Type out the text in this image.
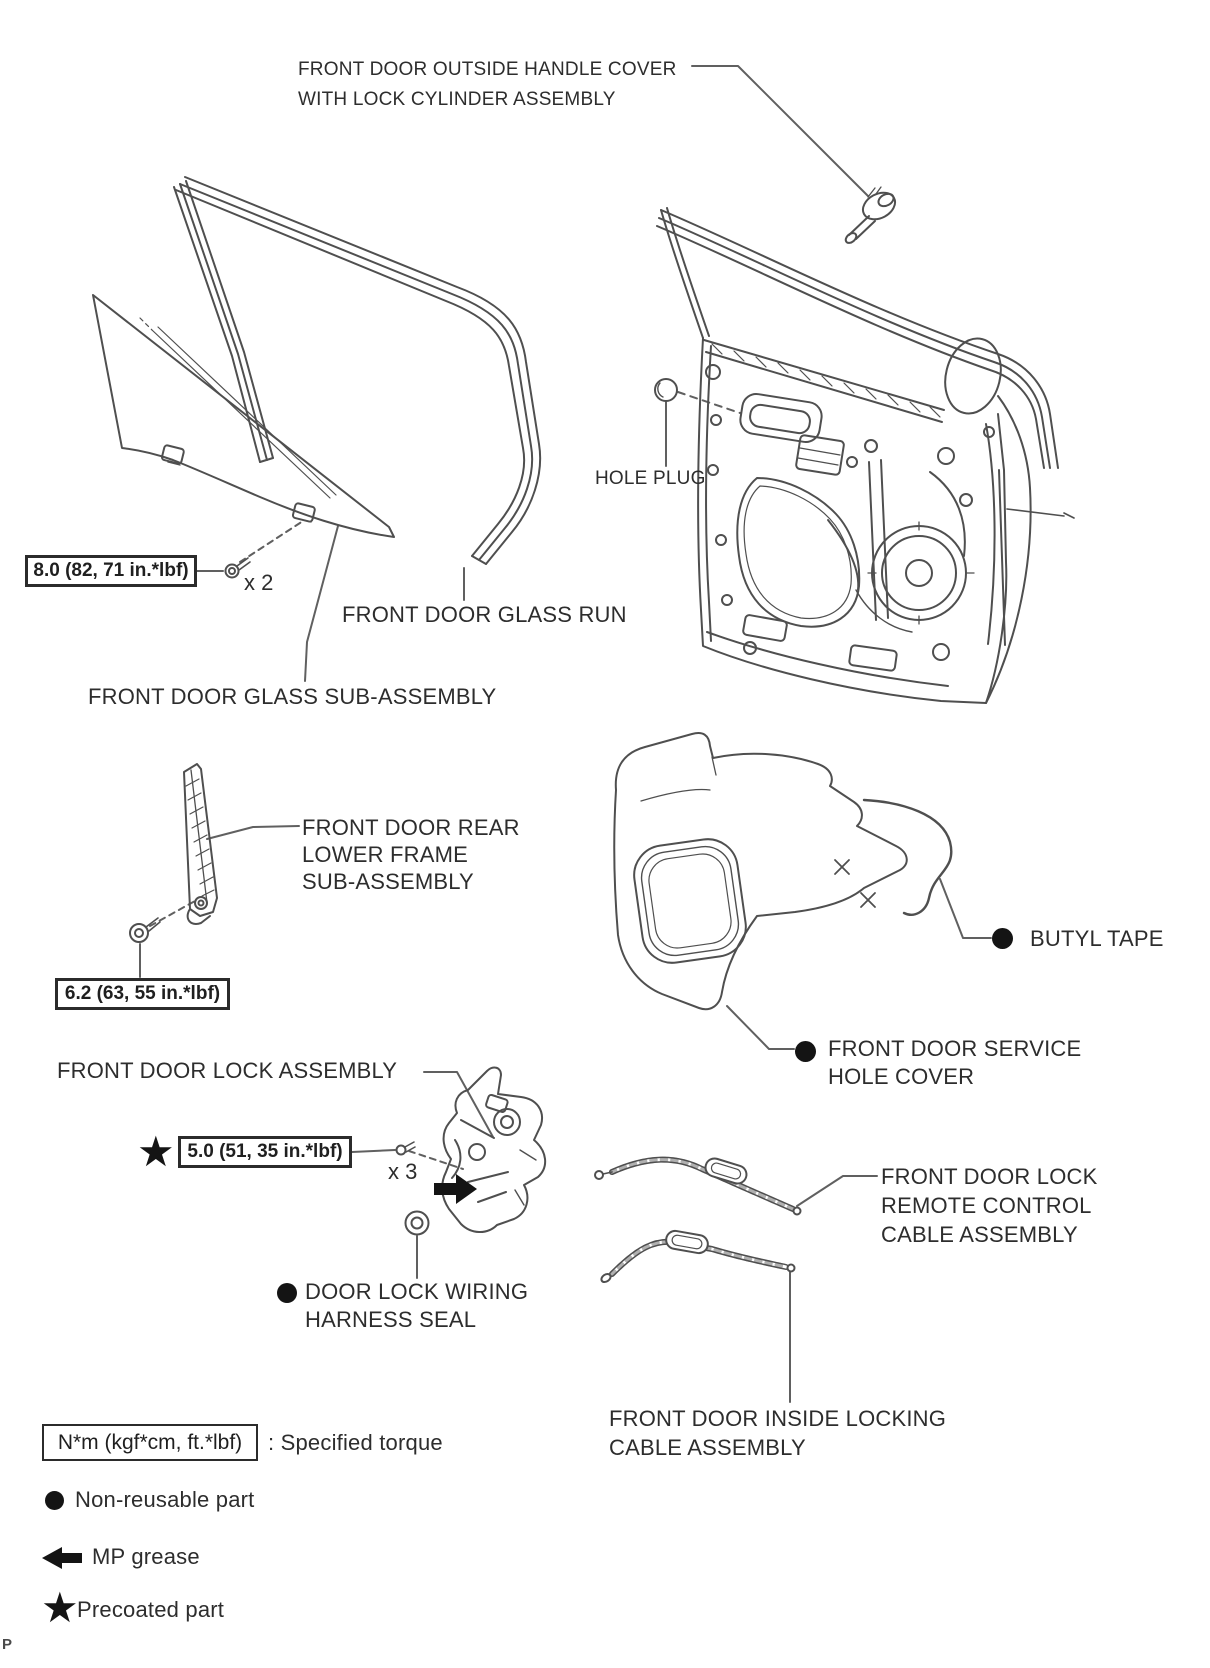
FRONT DOOR OUTSIDE HANDLE COVER
WITH LOCK CYLINDER ASSEMBLY
HOLE PLUG
FRONT DOOR GLASS RUN
FRONT DOOR GLASS SUB-ASSEMBLY
FRONT DOOR REAR
LOWER FRAME
SUB-ASSEMBLY
BUTYL TAPE
FRONT DOOR SERVICE
HOLE COVER
FRONT DOOR LOCK ASSEMBLY
DOOR LOCK WIRING
HARNESS SEAL
FRONT DOOR LOCK
REMOTE CONTROL
CABLE ASSEMBLY
FRONT DOOR INSIDE LOCKING
CABLE ASSEMBLY
8.0 (82, 71 in.*lbf)	x 2
6.2 (63, 55 in.*lbf)
★ 5.0 (51, 35 in.*lbf)
x 3
N*m (kgf*cm, ft.*lbf)	: Specified torque
Non-reusable part
MP grease
★
Precoated part
P
